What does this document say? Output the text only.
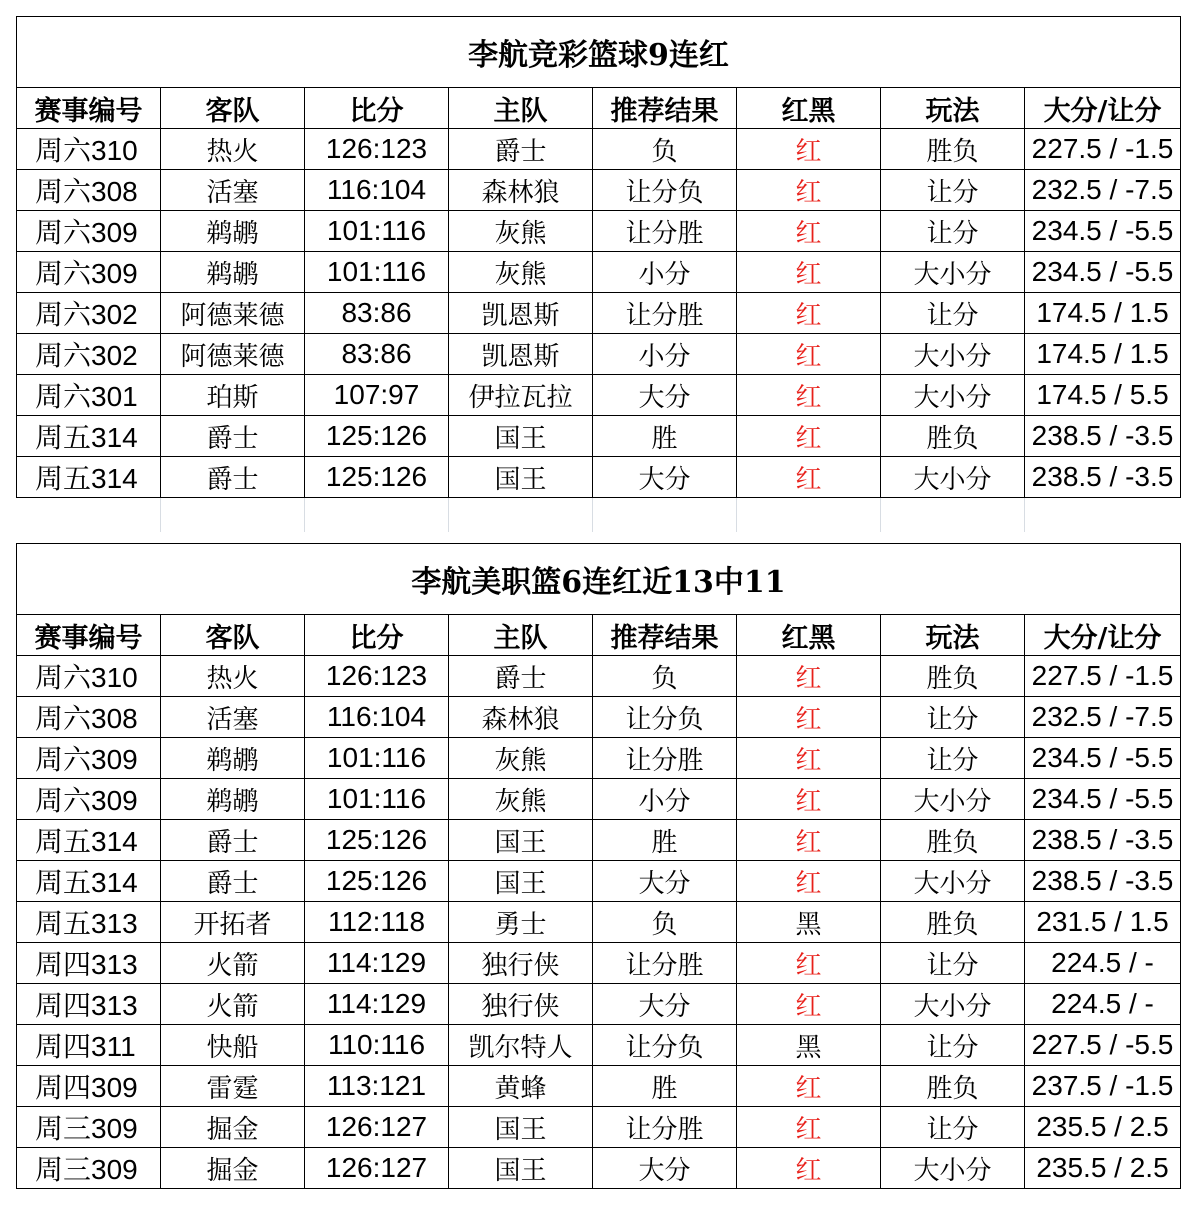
李航竞彩篮球9连红							
赛事编号	客队	比分	主队	推荐结果	红黑	玩法	大分/让分
周六310	热火	126:123	爵士	负	红	胜负	227.5 / -1.5
周六308	活塞	116:104	森林狼	让分负	红	让分	232.5 / -7.5
周六309	鹈鹕	101:116	灰熊	让分胜	红	让分	234.5 / -5.5
周六309	鹈鹕	101:116	灰熊	小分	红	大小分	234.5 / -5.5
周六302	阿德莱德	83:86	凯恩斯	让分胜	红	让分	174.5 / 1.5
周六302	阿德莱德	83:86	凯恩斯	小分	红	大小分	174.5 / 1.5
周六301	珀斯	107:97	伊拉瓦拉	大分	红	大小分	174.5 / 5.5
周五314	爵士	125:126	国王	胜	红	胜负	238.5 / -3.5
周五314	爵士	125:126	国王	大分	红	大小分	238.5 / -3.5

李航美职篮6连红近13中11							
赛事编号	客队	比分	主队	推荐结果	红黑	玩法	大分/让分
周六310	热火	126:123	爵士	负	红	胜负	227.5 / -1.5
周六308	活塞	116:104	森林狼	让分负	红	让分	232.5 / -7.5
周六309	鹈鹕	101:116	灰熊	让分胜	红	让分	234.5 / -5.5
周六309	鹈鹕	101:116	灰熊	小分	红	大小分	234.5 / -5.5
周五314	爵士	125:126	国王	胜	红	胜负	238.5 / -3.5
周五314	爵士	125:126	国王	大分	红	大小分	238.5 / -3.5
周五313	开拓者	112:118	勇士	负	黑	胜负	231.5 / 1.5
周四313	火箭	114:129	独行侠	让分胜	红	让分	224.5 / -
周四313	火箭	114:129	独行侠	大分	红	大小分	224.5 / -
周四311	快船	110:116	凯尔特人	让分负	黑	让分	227.5 / -5.5
周四309	雷霆	113:121	黄蜂	胜	红	胜负	237.5 / -1.5
周三309	掘金	126:127	国王	让分胜	红	让分	235.5 / 2.5
周三309	掘金	126:127	国王	大分	红	大小分	235.5 / 2.5
